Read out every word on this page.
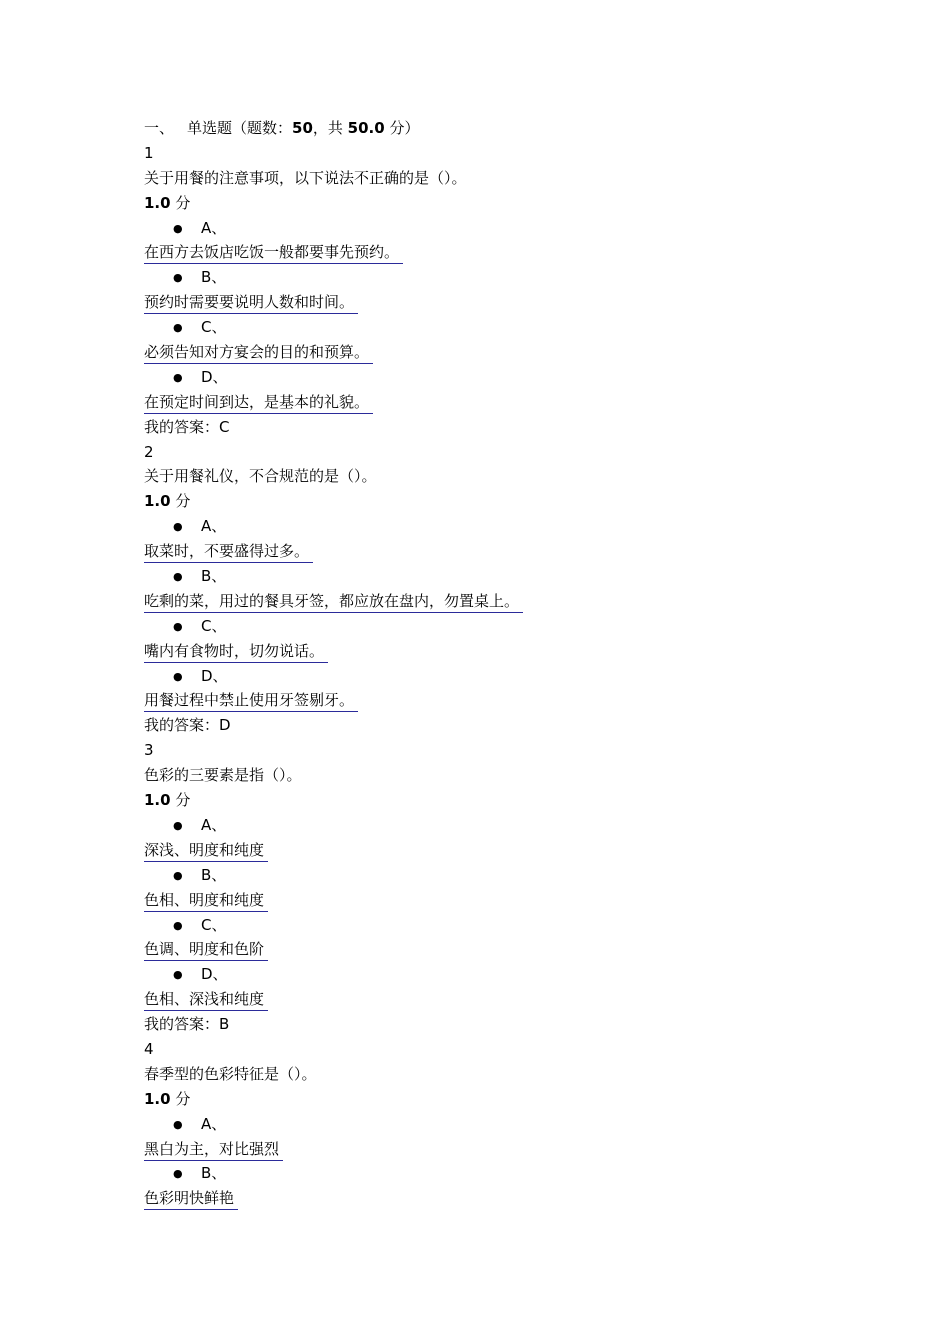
一、 单选题（题数：50，共 50.0 分）
1
关于用餐的注意事项，以下说法不正确的是（）。
1.0 分
● A、
在西方去饭店吃饭一般都要事先预约。
● B、
预约时需要要说明人数和时间。
● C、
必须告知对方宴会的目的和预算。
● D、
在预定时间到达，是基本的礼貌。
我的答案：C
2
关于用餐礼仪，不合规范的是（）。
1.0 分
● A、
取菜时，不要盛得过多。
● B、
吃剩的菜，用过的餐具牙签，都应放在盘内，勿置桌上。
● C、
嘴内有食物时，切勿说话。
● D、
用餐过程中禁止使用牙签剔牙。
我的答案：D
3
色彩的三要素是指（）。
1.0 分
● A、
深浅、明度和纯度
● B、
色相、明度和纯度
● C、
色调、明度和色阶
● D、
色相、深浅和纯度
我的答案：B
4
春季型的色彩特征是（）。
1.0 分
● A、
黑白为主，对比强烈
● B、
色彩明快鲜艳
